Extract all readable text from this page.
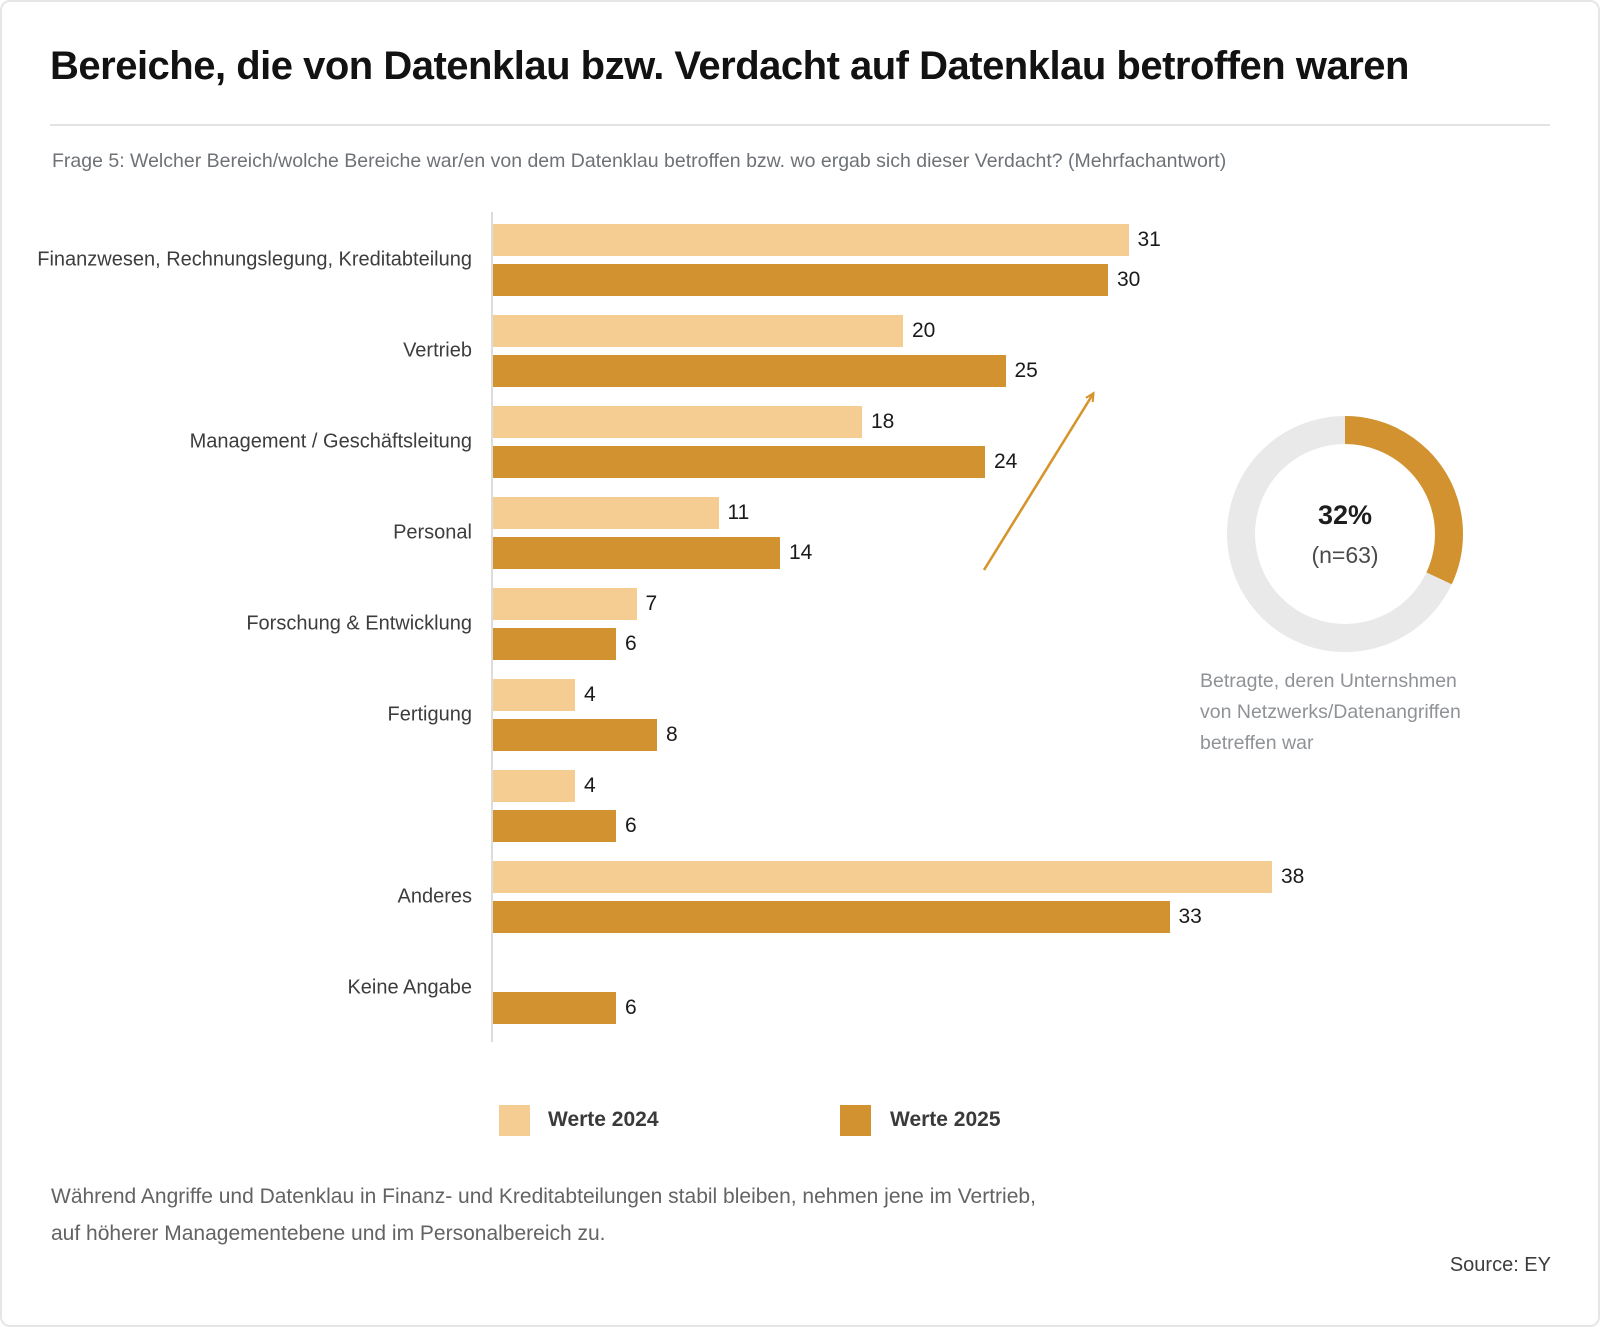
Bereiche, die von Datenklau bzw. Verdacht auf Datenklau betroffen waren
Frage 5: Welcher Bereich/wolche Bereiche war/en von dem Datenklau betroffen bzw. wo ergab sich dieser Verdacht? (Mehrfachantwort)
Finanzwesen, Rechnungslegung, Kreditabteilung
31
30
Vertrieb
20
25
Management / Geschäftsleitung
18
24
Personal
11
14
Forschung & Entwicklung
7
6
Fertigung
4
8
4
6
Anderes
38
33
Keine Angabe
6
32%
(n=63)
Betragte, deren Unternshmen
von Netzwerks/Datenangriffen
betreffen war
Werte 2024	Werte 2025
Während Angriffe und Datenklau in Finanz- und Kreditabteilungen stabil bleiben, nehmen jene im Vertrieb,
auf höherer Managementebene und im Personalbereich zu.
Source: EY
